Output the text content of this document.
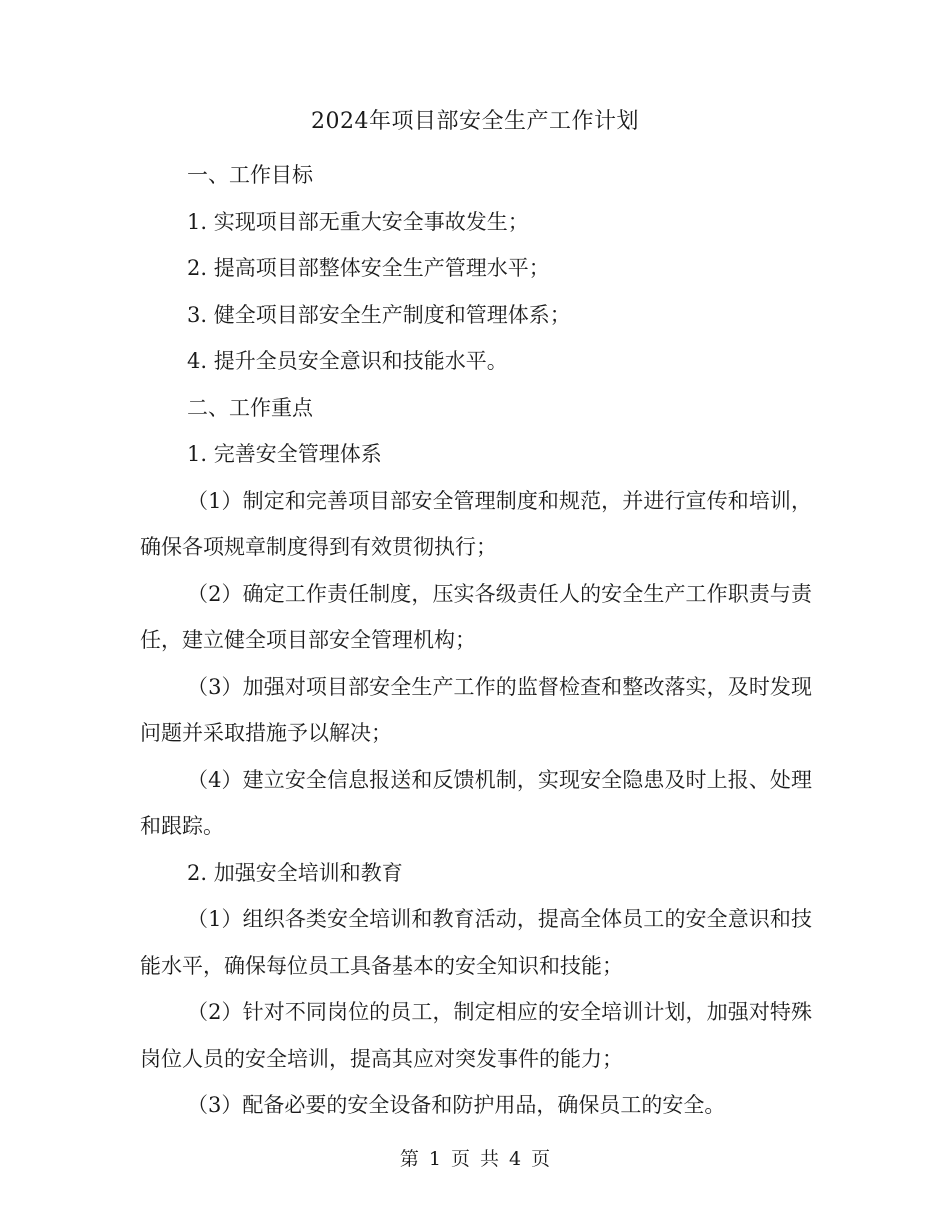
2024年项目部安全生产工作计划

一、工作目标

1. 实现项目部无重大安全事故发生；

2. 提高项目部整体安全生产管理水平；

3. 健全项目部安全生产制度和管理体系；

4. 提升全员安全意识和技能水平。

二、工作重点

1. 完善安全管理体系

（1）制定和完善项目部安全管理制度和规范，并进行宣传和培训，确保各项规章制度得到有效贯彻执行；

（2）确定工作责任制度，压实各级责任人的安全生产工作职责与责任，建立健全项目部安全管理机构；

（3）加强对项目部安全生产工作的监督检查和整改落实，及时发现问题并采取措施予以解决；

（4）建立安全信息报送和反馈机制，实现安全隐患及时上报、处理和跟踪。

2. 加强安全培训和教育

（1）组织各类安全培训和教育活动，提高全体员工的安全意识和技能水平，确保每位员工具备基本的安全知识和技能；

（2）针对不同岗位的员工，制定相应的安全培训计划，加强对特殊岗位人员的安全培训，提高其应对突发事件的能力；

（3）配备必要的安全设备和防护用品，确保员工的安全。

第 1 页 共 4 页
